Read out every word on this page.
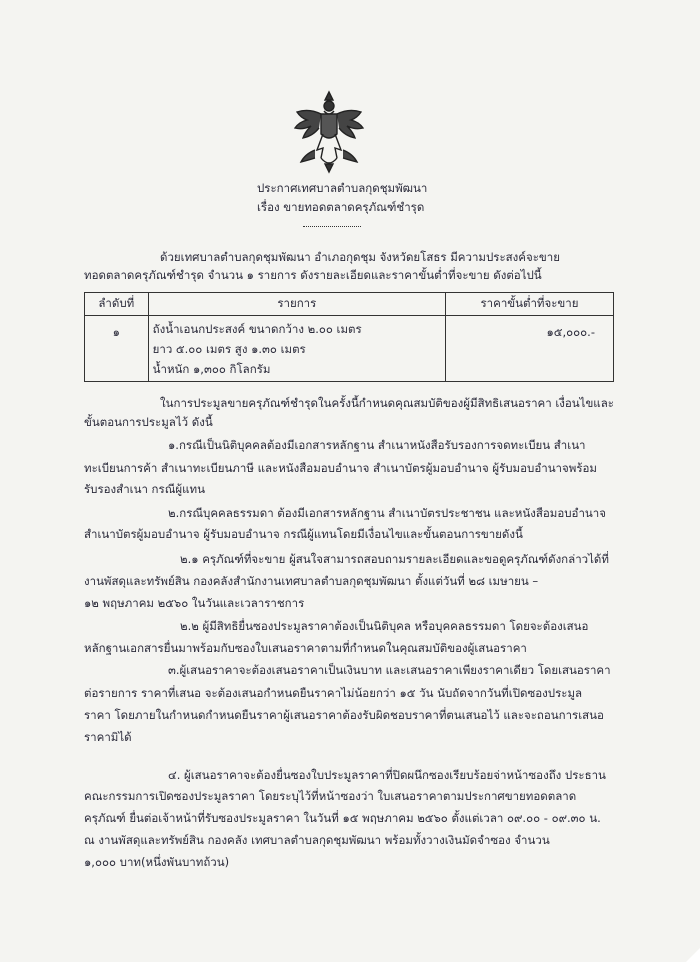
ประกาศเทศบาลตำบลกุดชุมพัฒนา
เรื่อง ขายทอดตลาดครุภัณฑ์ชำรุด
ด้วยเทศบาลตำบลกุดชุมพัฒนา อำเภอกุดชุม จังหวัดยโสธร มีความประสงค์จะขาย
ทอดตลาดครุภัณฑ์ชำรุด จำนวน ๑ รายการ ดังรายละเอียดและราคาขั้นต่ำที่จะขาย ดังต่อไปนี้
ลำดับที่	รายการ	ราคาขั้นต่ำที่จะขาย
๑	ถังน้ำเอนกประสงค์ ขนาดกว้าง ๒.๐๐ เมตร
ยาว ๕.๐๐ เมตร สูง ๑.๓๐ เมตร
น้ำหนัก ๑,๓๐๐ กิโลกรัม	๑๕,๐๐๐.-
ในการประมูลขายครุภัณฑ์ชำรุดในครั้งนี้กำหนดคุณสมบัติของผู้มีสิทธิเสนอราคา เงื่อนไขและ
ขั้นตอนการประมูลไว้ ดังนี้
๑.กรณีเป็นนิติบุคคลต้องมีเอกสารหลักฐาน สำเนาหนังสือรับรองการจดทะเบียน สำเนา
ทะเบียนการค้า สำเนาทะเบียนภาษี และหนังสือมอบอำนาจ สำเนาบัตรผู้มอบอำนาจ ผู้รับมอบอำนาจพร้อม
รับรองสำเนา กรณีผู้แทน
๒.กรณีบุคคลธรรมดา ต้องมีเอกสารหลักฐาน สำเนาบัตรประชาชน และหนังสือมอบอำนาจ
สำเนาบัตรผู้มอบอำนาจ ผู้รับมอบอำนาจ กรณีผู้แทนโดยมีเงื่อนไขและขั้นตอนการขายดังนี้
๒.๑ ครุภัณฑ์ที่จะขาย ผู้สนใจสามารถสอบถามรายละเอียดและขอดูครุภัณฑ์ดังกล่าวได้ที่
งานพัสดุและทรัพย์สิน กองคลังสำนักงานเทศบาลตำบลกุดชุมพัฒนา ตั้งแต่วันที่ ๒๘ เมษายน –
๑๒ พฤษภาคม ๒๕๖๐ ในวันและเวลาราชการ
๒.๒ ผู้มีสิทธิยื่นซองประมูลราคาต้องเป็นนิติบุคล หรือบุคคลธรรมดา โดยจะต้องเสนอ
หลักฐานเอกสารยื่นมาพร้อมกับซองใบเสนอราคาตามที่กำหนดในคุณสมบัติของผู้เสนอราคา
๓.ผู้เสนอราคาจะต้องเสนอราคาเป็นเงินบาท และเสนอราคาเพียงราคาเดียว โดยเสนอราคา
ต่อรายการ ราคาที่เสนอ จะต้องเสนอกำหนดยืนราคาไม่น้อยกว่า ๑๕ วัน นับถัดจากวันที่เปิดซองประมูล
ราคา โดยภายในกำหนดกำหนดยืนราคาผู้เสนอราคาต้องรับผิดชอบราคาที่ตนเสนอไว้ และจะถอนการเสนอ
ราคามิได้
๔. ผู้เสนอราคาจะต้องยื่นซองใบประมูลราคาที่ปิดผนึกซองเรียบร้อยจ่าหน้าซองถึง ประธาน
คณะกรรมการเปิดซองประมูลราคา โดยระบุไว้ที่หน้าซองว่า ใบเสนอราคาตามประกาศขายทอดตลาด
ครุภัณฑ์ ยื่นต่อเจ้าหน้าที่รับซองประมูลราคา ในวันที่ ๑๕ พฤษภาคม ๒๕๖๐ ตั้งแต่เวลา ๐๙.๐๐ - ๐๙.๓๐ น.
ณ งานพัสดุและทรัพย์สิน กองคลัง เทศบาลตำบลกุดชุมพัฒนา พร้อมทั้งวางเงินมัดจำซอง จำนวน
๑,๐๐๐ บาท(หนึ่งพันบาทถ้วน)
